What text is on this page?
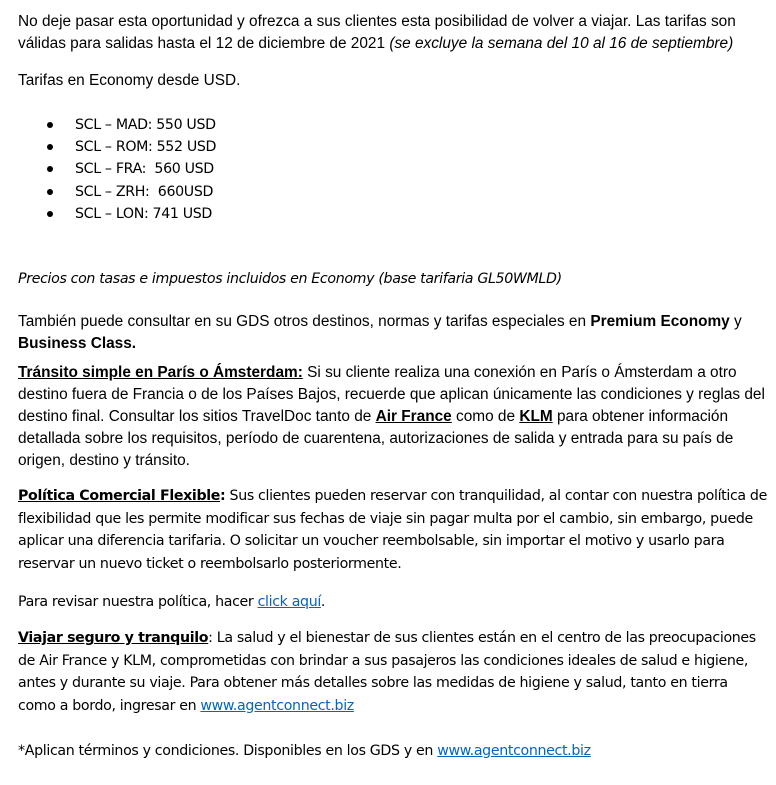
No deje pasar esta oportunidad y ofrezca a sus clientes esta posibilidad de volver a viajar. Las tarifas son válidas para salidas hasta el 12 de diciembre de 2021 (se excluye la semana del 10 al 16 de septiembre)

Tarifas en Economy desde USD.

SCL – MAD: 550 USD
SCL – ROM: 552 USD
SCL – FRA:  560 USD
SCL – ZRH:  660USD
SCL – LON: 741 USD

Precios con tasas e impuestos incluidos en Economy (base tarifaria GL50WMLD)

También puede consultar en su GDS otros destinos, normas y tarifas especiales en Premium Economy y Business Class.

Tránsito simple en París o Ámsterdam: Si su cliente realiza una conexión en París o Ámsterdam a otro destino fuera de Francia o de los Países Bajos, recuerde que aplican únicamente las condiciones y reglas del destino final. Consultar los sitios TravelDoc tanto de Air France como de KLM para obtener información detallada sobre los requisitos, período de cuarentena, autorizaciones de salida y entrada para su país de origen, destino y tránsito.

Política Comercial Flexible: Sus clientes pueden reservar con tranquilidad, al contar con nuestra política de flexibilidad que les permite modificar sus fechas de viaje sin pagar multa por el cambio, sin embargo, puede aplicar una diferencia tarifaria. O solicitar un voucher reembolsable, sin importar el motivo y usarlo para reservar un nuevo ticket o reembolsarlo posteriormente.

Para revisar nuestra política, hacer click aquí.

Viajar seguro y tranquilo: La salud y el bienestar de sus clientes están en el centro de las preocupaciones de Air France y KLM, comprometidas con brindar a sus pasajeros las condiciones ideales de salud e higiene, antes y durante su viaje. Para obtener más detalles sobre las medidas de higiene y salud, tanto en tierra como a bordo, ingresar en www.agentconnect.biz

*Aplican términos y condiciones. Disponibles en los GDS y en www.agentconnect.biz
